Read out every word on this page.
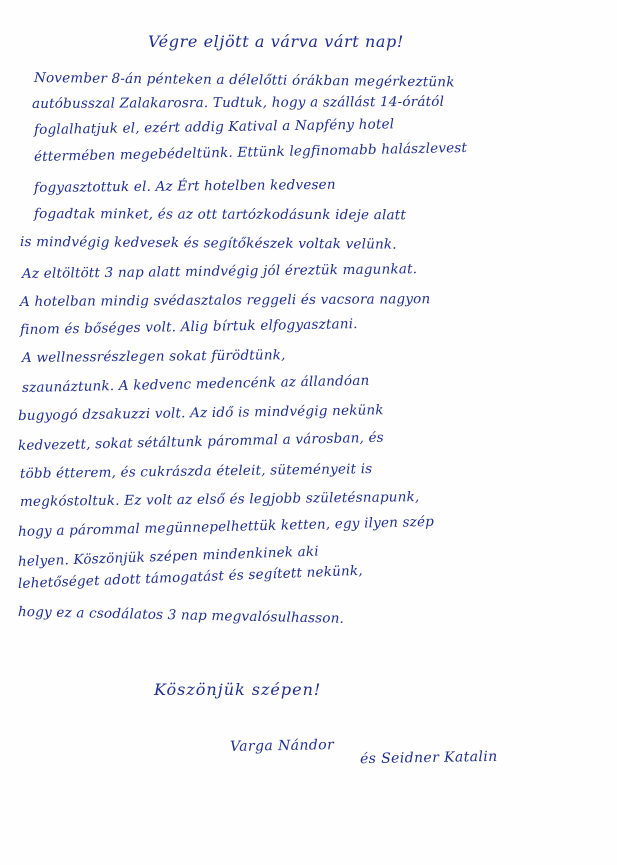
Végre eljött a várva várt nap!
November 8-án pénteken a délelőtti órákban megérkeztünk
autóbusszal Zalakarosra. Tudtuk, hogy a szállást 14-órától
foglalhatjuk el, ezért addig Katival a Napfény hotel
éttermében megebédeltünk. Ettünk legfinomabb halászlevest
fogyasztottuk el. Az Ért hotelben kedvesen
fogadtak minket, és az ott tartózkodásunk ideje alatt
is mindvégig kedvesek és segítőkészek voltak velünk.
Az eltöltött 3 nap alatt mindvégig jól éreztük magunkat.
A hotelban mindig svédasztalos reggeli és vacsora nagyon
finom és bőséges volt. Alig bírtuk elfogyasztani.
A wellnessrészlegen sokat fürödtünk,
szaunáztunk. A kedvenc medencénk az állandóan
bugyogó dzsakuzzi volt. Az idő is mindvégig nekünk
kedvezett, sokat sétáltunk párommal a városban, és
több étterem, és cukrászda ételeit, süteményeit is
megkóstoltuk. Ez volt az első és legjobb születésnapunk,
hogy a párommal megünnepelhettük ketten, egy ilyen szép
helyen. Köszönjük szépen mindenkinek aki
lehetőséget adott támogatást és segített nekünk,
hogy ez a csodálatos 3 nap megvalósulhasson.
Köszönjük szépen!
Varga Nándor
és Seidner Katalin
